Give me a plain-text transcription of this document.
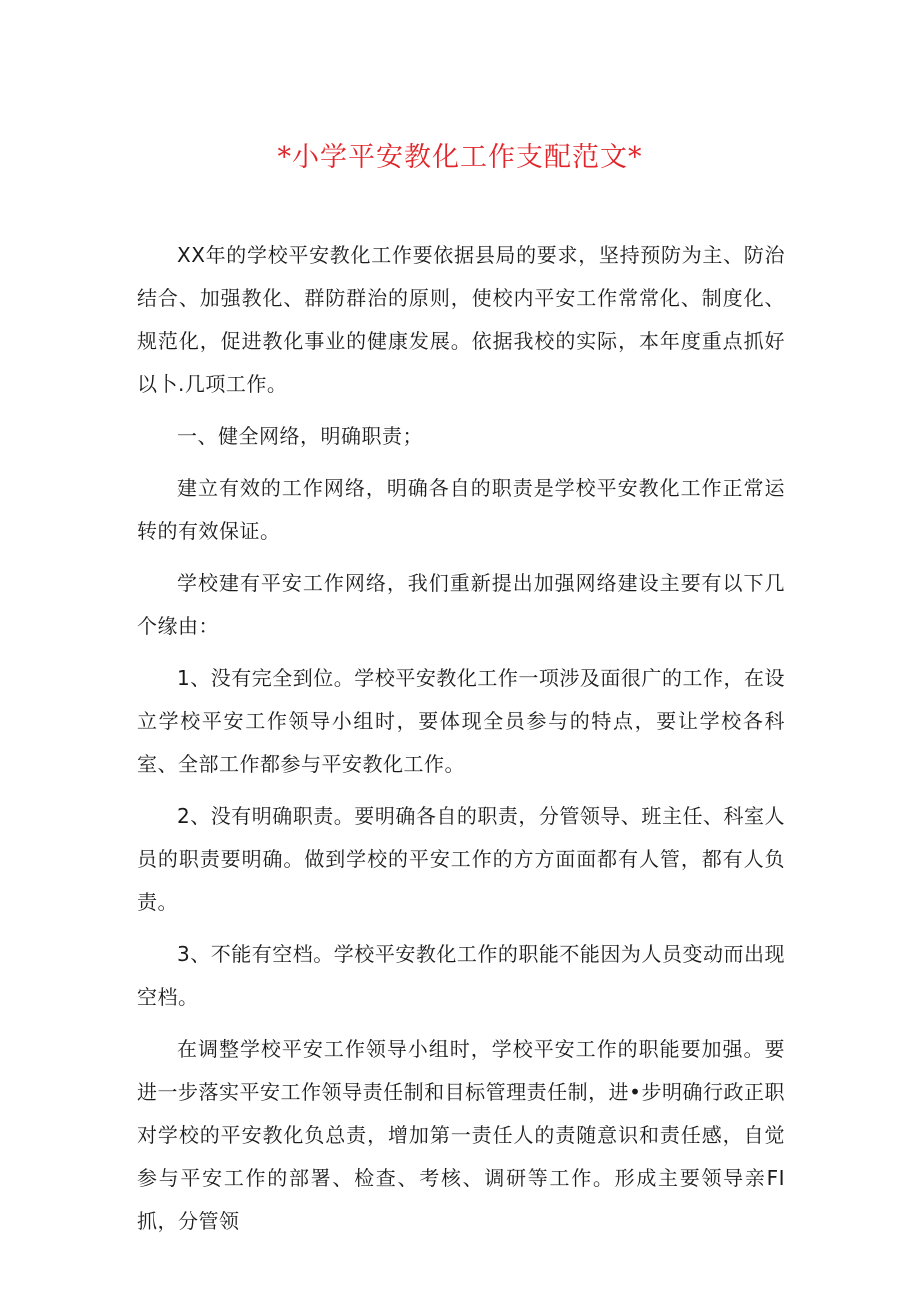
*小学平安教化工作支配范文*

XX年的学校平安教化工作要依据县局的要求，坚持预防为主、防治结合、加强教化、群防群治的原则，使校内平安工作常常化、制度化、规范化，促进教化事业的健康发展。依据我校的实际，本年度重点抓好以卜.几项工作。

一、健全网络，明确职责；

建立有效的工作网络，明确各自的职责是学校平安教化工作正常运转的有效保证。

学校建有平安工作网络，我们重新提出加强网络建设主要有以下几个缘由：

1、没有完全到位。学校平安教化工作一项涉及面很广的工作，在设立学校平安工作领导小组时，要体现全员参与的特点，要让学校各科室、全部工作都参与平安教化工作。

2、没有明确职责。要明确各自的职责，分管领导、班主任、科室人员的职责要明确。做到学校的平安工作的方方面面都有人管，都有人负责。

3、不能有空档。学校平安教化工作的职能不能因为人员变动而出现空档。

在调整学校平安工作领导小组时，学校平安工作的职能要加强。要进一步落实平安工作领导责任制和目标管理责任制，进•步明确行政正职对学校的平安教化负总责，增加第一责任人的责随意识和责任感，自觉参与平安工作的部署、检查、考核、调研等工作。形成主要领导亲FI抓，分管领
